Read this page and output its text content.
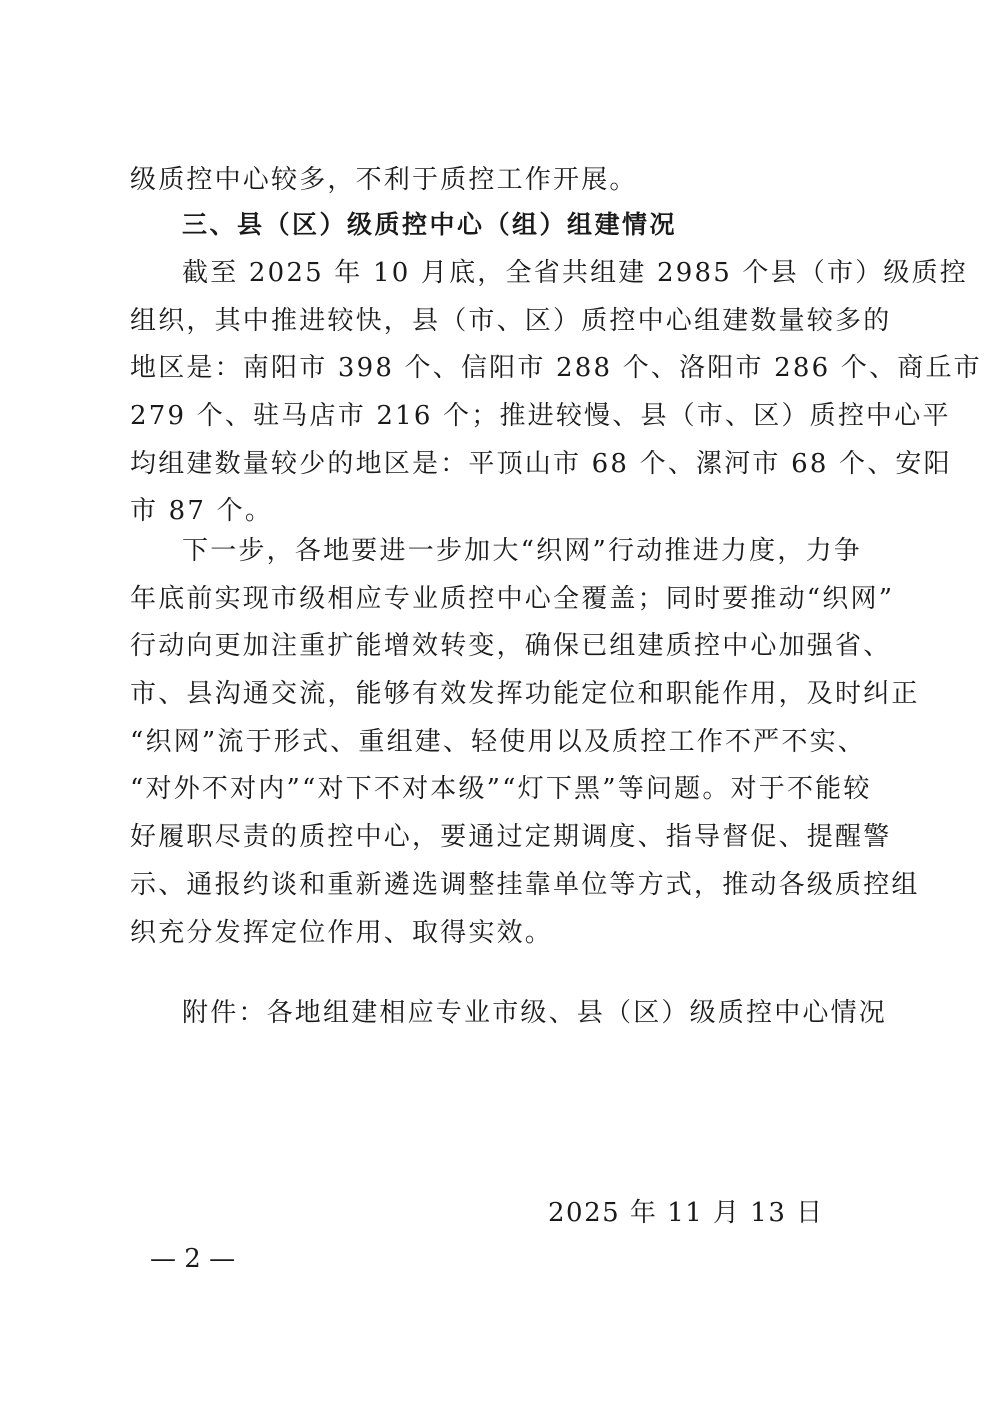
级质控中心较多，不利于质控工作开展。
三、县（区）级质控中心（组）组建情况
截至 2025 年 10 月底，全省共组建 2985 个县（市）级质控
组织，其中推进较快，县（市、区）质控中心组建数量较多的
地区是：南阳市 398 个、信阳市 288 个、洛阳市 286 个、商丘市
279 个、驻马店市 216 个；推进较慢、县（市、区）质控中心平
均组建数量较少的地区是：平顶山市 68 个、漯河市 68 个、安阳
市 87 个。
下一步，各地要进一步加大“织网”行动推进力度，力争
年底前实现市级相应专业质控中心全覆盖；同时要推动“织网”
行动向更加注重扩能增效转变，确保已组建质控中心加强省、
市、县沟通交流，能够有效发挥功能定位和职能作用，及时纠正
“织网”流于形式、重组建、轻使用以及质控工作不严不实、
“对外不对内”“对下不对本级”“灯下黑”等问题。对于不能较
好履职尽责的质控中心，要通过定期调度、指导督促、提醒警
示、通报约谈和重新遴选调整挂靠单位等方式，推动各级质控组
织充分发挥定位作用、取得实效。
附件：各地组建相应专业市级、县（区）级质控中心情况
2025 年 11 月 13 日
— 2 —
